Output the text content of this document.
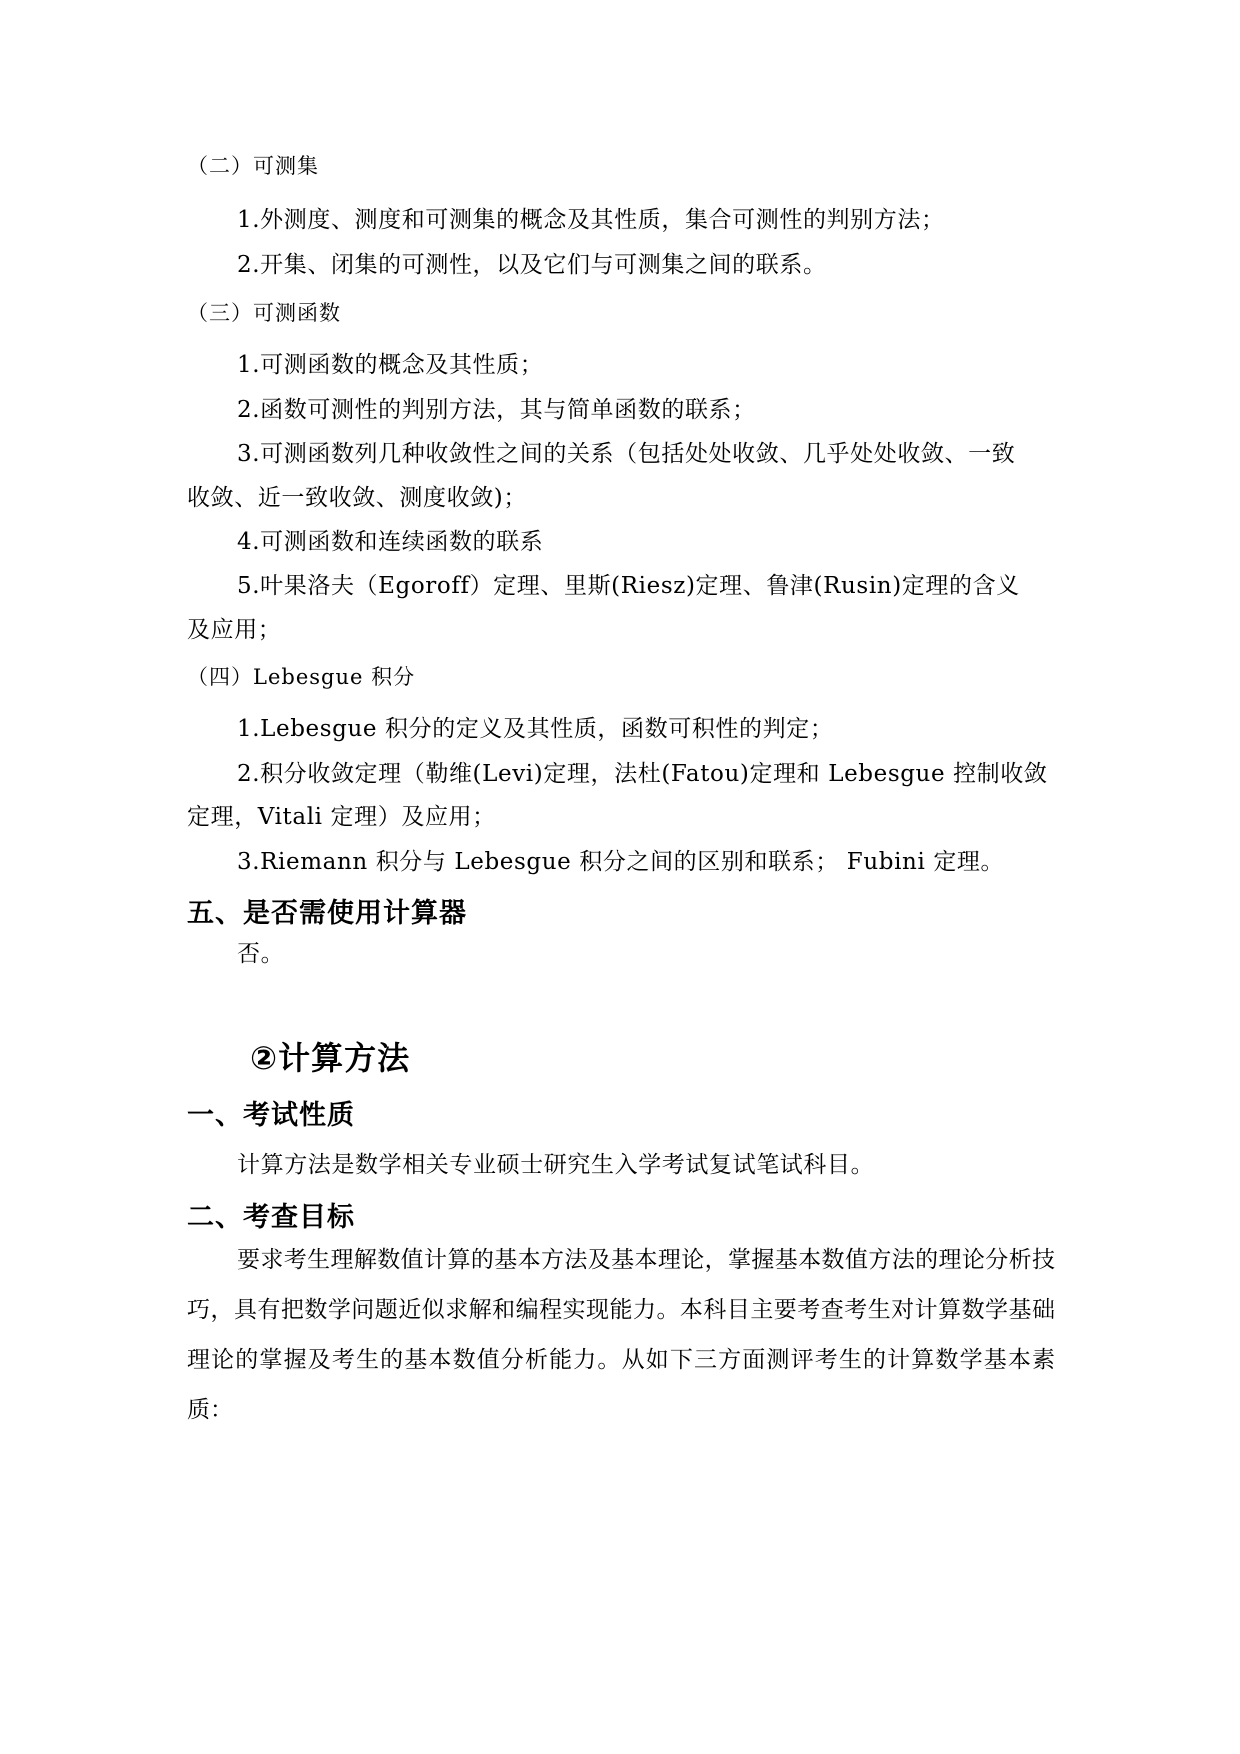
（二）可测集
1.外测度、测度和可测集的概念及其性质，集合可测性的判别方法；
2.开集、闭集的可测性，以及它们与可测集之间的联系。
（三）可测函数
1.可测函数的概念及其性质；
2.函数可测性的判别方法，其与简单函数的联系；
3.可测函数列几种收敛性之间的关系（包括处处收敛、几乎处处收敛、一致
收敛、近一致收敛、测度收敛)；
4.可测函数和连续函数的联系
5.叶果洛夫（Egoroff）定理、里斯(Riesz)定理、鲁津(Rusin)定理的含义
及应用；
（四）Lebesgue 积分
1.Lebesgue 积分的定义及其性质，函数可积性的判定；
2.积分收敛定理（勒维(Levi)定理，法杜(Fatou)定理和 Lebesgue 控制收敛
定理，Vitali 定理）及应用；
3.Riemann 积分与 Lebesgue 积分之间的区别和联系； Fubini 定理。
五、是否需使用计算器
否。
②计算方法
一、考试性质
计算方法是数学相关专业硕士研究生入学考试复试笔试科目。
二、考查目标
要求考生理解数值计算的基本方法及基本理论，掌握基本数值方法的理论分析技巧，具有把数学问题近似求解和编程实现能力。本科目主要考查考生对计算数学基础理论的掌握及考生的基本数值分析能力。从如下三方面测评考生的计算数学基本素质：
